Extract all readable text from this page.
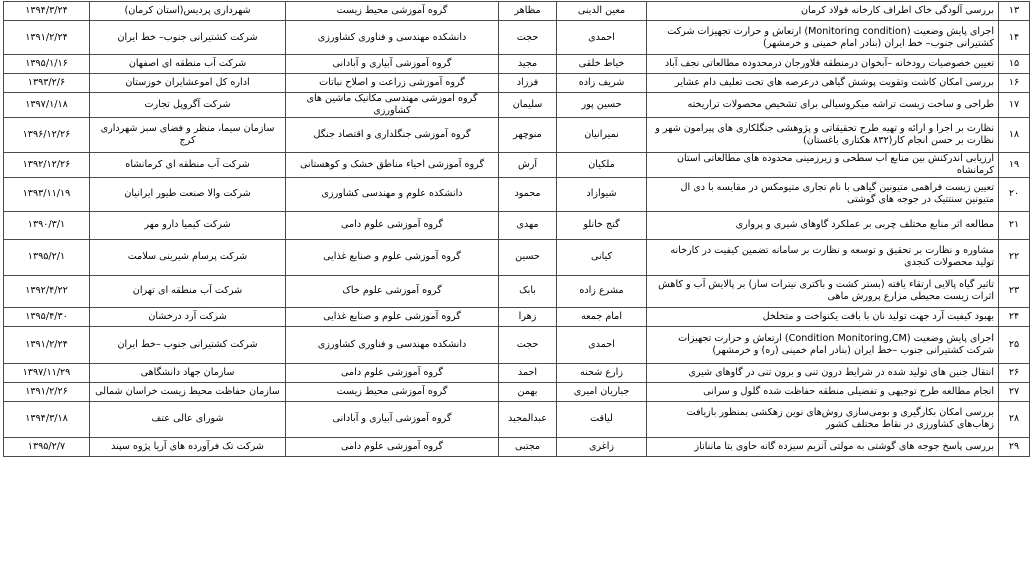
۱۳	بررسی آلودگی خاک اطراف کارخانه فولاد کرمان	معین الدینی	مظاهر	گروه آموزشی محیط زیست	شهرداری پردیس(استان کرمان)	۱۳۹۴/۳/۲۴
۱۴	اجرای پایش وضعیت (Monitoring condition) ارتعاش و حرارت تجهیزات شرکت کشتیرانی جنوب– خط ایران (بنادر امام خمینی و خرمشهر)	احمدی	حجت	دانشکده مهندسی و فناوری کشاورزی	شرکت کشتیرانی جنوب– خط ایران	۱۳۹۱/۲/۲۴
۱۵	تعیین خصوصیات رودخانه –آبخوان درمنطقه فلاورجان درمحدوده مطالعاتی نجف آباد	خیاط خلقی	مجید	گروه آموزشی آبیاری و آبادانی	شرکت آب منطقه ای اصفهان	۱۳۹۵/۱/۱۶
۱۶	بررسی امکان کاشت وتقویت پوشش گیاهی درعرصه های تحت تعلیف دام عشایر	شریف زاده	فرزاد	گروه آموزشی زراعت و اصلاح نباتات	اداره کل اموعشایران خوزستان	۱۳۹۳/۲/۶
۱۷	طراحی و ساخت زیست تراشه میکروسیالی برای تشخیص محصولات تراریخته	حسین پور	سلیمان	گروه آموزشی مهندسی مکانیک ماشین های کشاورزی	شرکت آگروپل تجارت	۱۳۹۷/۱/۱۸
۱۸	نظارت بر اجرا و ارائه و تهیه طرح تحقیقاتی و پژوهشی جنگلکاری های پیرامون شهر و نظارت بر حسن انجام کار(۸۳۲ هکتاری باغستان)	نمیرانیان	منوچهر	گروه آموزشی جنگلداری و اقتصاد جنگل	سازمان سیما، منظر و فضای سبز شهرداری کرج	۱۳۹۶/۱۲/۲۶
۱۹	ارزیابی اندرکنش بین منابع آب سطحی و زیرزمینی محدوده های مطالعاتی استان کرمانشاه	ملکیان	آرش	گروه آموزشی احیاء مناطق خشک و کوهستانی	شرکت آب منطقه ای کرمانشاه	۱۳۹۲/۱۲/۲۶
۲۰	تعیین زیست فراهمی متیونین گیاهی با نام تجاری متیومکس در مقایسه با دی ال متیونین سنتتیک در جوجه های گوشتی	شیوازاد	محمود	دانشکده علوم و مهندسی کشاورزی	شرکت والا صنعت طیور ایرانیان	۱۳۹۳/۱۱/۱۹
۲۱	مطالعه اثر منابع مختلف چربی بر عملکرد گاوهای شیری و پرواری	گنج خانلو	مهدی	گروه آموزشی علوم دامی	شرکت کیمیا دارو مهر	۱۳۹۰/۳/۱
۲۲	مشاوره و نظارت بر تحقیق و توسعه و نظارت بر سامانه تضمین کیفیت در کارخانه تولید محصولات کنجدی	کیانی	حسین	گروه آموزشی علوم و صنایع غذایی	شرکت پرسام شیرینی سلامت	۱۳۹۵/۲/۱
۲۳	تاثیر گیاه پالایی ارتقاء یافته (بستر کشت و باکتری نیترات ساز) بر پالایش آب و کاهش اثرات زیست محیطی مزارع پرورش ماهی	مشرع زاده	بابک	گروه آموزشی علوم خاک	شرکت آب منطقه ای تهران	۱۳۹۲/۴/۲۲
۲۴	بهبود کیفیت آرد جهت تولید نان با بافت یکنواخت و متخلخل	امام جمعه	زهرا	گروه آموزشی علوم و صنایع غذایی	شرکت آرد درخشان	۱۳۹۵/۴/۳۰
۲۵	اجرای پایش وضعیت (Condition Monitoring,CM) ارتعاش و حرارت تجهیزات شرکت کشتیرانی جنوب –خط ایران (بنادر امام خمینی (ره) و خرمشهر)	احمدی	حجت	دانشکده مهندسی و فناوری کشاورزی	شرکت کشتیرانی جنوب –خط ایران	۱۳۹۱/۲/۲۴
۲۶	انتقال جنین های تولید شده در شرایط درون تنی و برون تنی در گاوهای شیری	زارع شحنه	احمد	گروه آموزشی علوم دامی	سازمان جهاد دانشگاهی	۱۳۹۷/۱۱/۲۹
۲۷	انجام مطالعه طرح توجیهی و تفضیلی منطقه حفاظت شده گلول و سرانی	جباریان امیری	بهمن	گروه آموزشی محیط زیست	سازمان حفاظت محیط زیست خراسان شمالی	۱۳۹۱/۲/۲۶
۲۸	بررسی امکان بکارگیری و بومی‌سازی روش‌های نوین زهکشی بمنظور بازیافت زهاب‌های کشاورزی در نقاط مختلف کشور	لیاقت	عبدالمجید	گروه آموزشی آبیاری و آبادانی	شورای عالی عتف	۱۳۹۴/۳/۱۸
۲۹	بررسی پاسخ جوجه های گوشتی به مولتی آنزیم سیزده گانه حاوی بتا مانناناز	زاغری	مجتبی	گروه آموزشی علوم دامی	شرکت تک فرآورده های آریا پژوه سپند	۱۳۹۵/۲/۷
